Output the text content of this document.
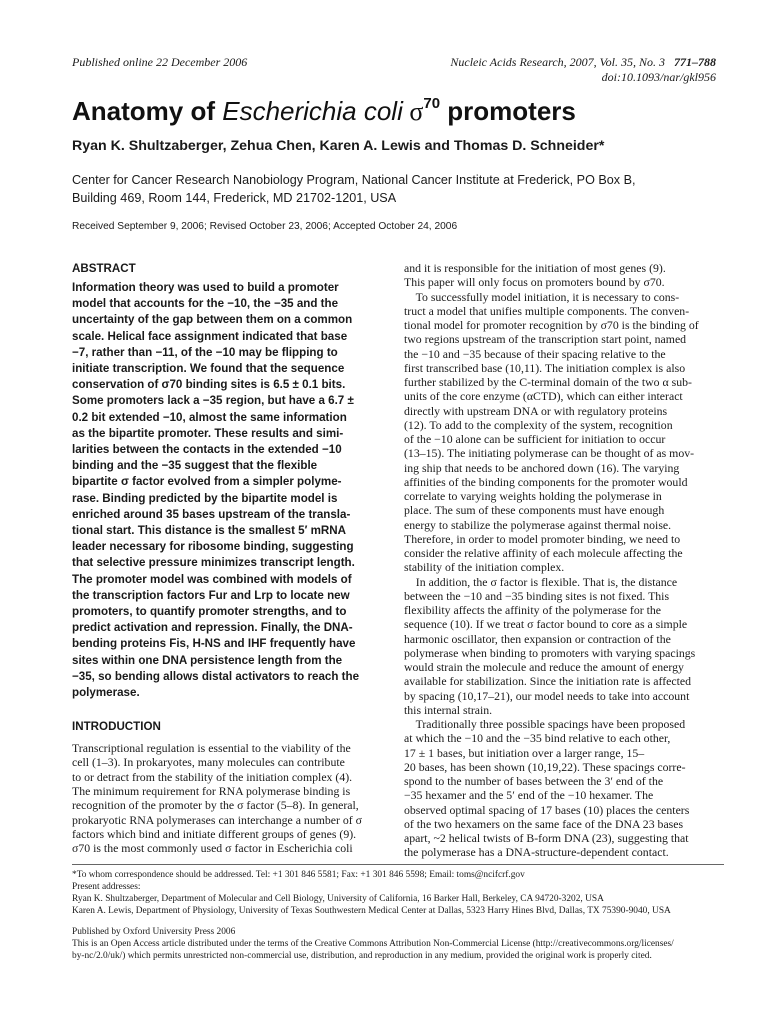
Published online 22 December 2006	Nucleic Acids Research, 2007, Vol. 35, No. 3 771–788
doi:10.1093/nar/gkl956
Anatomy of Escherichia coli $\sigma^{70}$ promoters
Ryan K. Shultzaberger, Zehua Chen, Karen A. Lewis and Thomas D. Schneider*
Center for Cancer Research Nanobiology Program, National Cancer Institute at Frederick, PO Box B,
Building 469, Room 144, Frederick, MD 21702-1201, USA
Received September 9, 2006; Revised October 23, 2006; Accepted October 24, 2006
ABSTRACT
Information theory was used to build a promoter
model that accounts for the −10, the −35 and the
uncertainty of the gap between them on a common
scale. Helical face assignment indicated that base
−7, rather than −11, of the −10 may be flipping to
initiate transcription. We found that the sequence
conservation of σ70 binding sites is 6.5 ± 0.1 bits.
Some promoters lack a −35 region, but have a 6.7 ±
0.2 bit extended −10, almost the same information
as the bipartite promoter. These results and simi-
larities between the contacts in the extended −10
binding and the −35 suggest that the flexible
bipartite σ factor evolved from a simpler polyme-
rase. Binding predicted by the bipartite model is
enriched around 35 bases upstream of the transla-
tional start. This distance is the smallest 5′ mRNA
leader necessary for ribosome binding, suggesting
that selective pressure minimizes transcript length.
The promoter model was combined with models of
the transcription factors Fur and Lrp to locate new
promoters, to quantify promoter strengths, and to
predict activation and repression. Finally, the DNA-
bending proteins Fis, H-NS and IHF frequently have
sites within one DNA persistence length from the
−35, so bending allows distal activators to reach the
polymerase.
INTRODUCTION
Transcriptional regulation is essential to the viability of the
cell (1–3). In prokaryotes, many molecules can contribute
to or detract from the stability of the initiation complex (4).
The minimum requirement for RNA polymerase binding is
recognition of the promoter by the σ factor (5–8). In general,
prokaryotic RNA polymerases can interchange a number of σ
factors which bind and initiate different groups of genes (9).
σ70 is the most commonly used σ factor in Escherichia coli
and it is responsible for the initiation of most genes (9).
This paper will only focus on promoters bound by σ70.
To successfully model initiation, it is necessary to cons-
truct a model that unifies multiple components. The conven-
tional model for promoter recognition by σ70 is the binding of
two regions upstream of the transcription start point, named
the −10 and −35 because of their spacing relative to the
first transcribed base (10,11). The initiation complex is also
further stabilized by the C-terminal domain of the two α sub-
units of the core enzyme (αCTD), which can either interact
directly with upstream DNA or with regulatory proteins
(12). To add to the complexity of the system, recognition
of the −10 alone can be sufficient for initiation to occur
(13–15). The initiating polymerase can be thought of as mov-
ing ship that needs to be anchored down (16). The varying
affinities of the binding components for the promoter would
correlate to varying weights holding the polymerase in
place. The sum of these components must have enough
energy to stabilize the polymerase against thermal noise.
Therefore, in order to model promoter binding, we need to
consider the relative affinity of each molecule affecting the
stability of the initiation complex.
In addition, the σ factor is flexible. That is, the distance
between the −10 and −35 binding sites is not fixed. This
flexibility affects the affinity of the polymerase for the
sequence (10). If we treat σ factor bound to core as a simple
harmonic oscillator, then expansion or contraction of the
polymerase when binding to promoters with varying spacings
would strain the molecule and reduce the amount of energy
available for stabilization. Since the initiation rate is affected
by spacing (10,17–21), our model needs to take into account
this internal strain.
Traditionally three possible spacings have been proposed
at which the −10 and the −35 bind relative to each other,
17 ± 1 bases, but initiation over a larger range, 15–
20 bases, has been shown (10,19,22). These spacings corre-
spond to the number of bases between the 3′ end of the
−35 hexamer and the 5′ end of the −10 hexamer. The
observed optimal spacing of 17 bases (10) places the centers
of the two hexamers on the same face of the DNA 23 bases
apart, ~2 helical twists of B-form DNA (23), suggesting that
the polymerase has a DNA-structure-dependent contact.
*To whom correspondence should be addressed. Tel: +1 301 846 5581; Fax: +1 301 846 5598; Email: toms@ncifcrf.gov
Present addresses:
Ryan K. Shultzaberger, Department of Molecular and Cell Biology, University of California, 16 Barker Hall, Berkeley, CA 94720-3202, USA
Karen A. Lewis, Department of Physiology, University of Texas Southwestern Medical Center at Dallas, 5323 Harry Hines Blvd, Dallas, TX 75390-9040, USA
Published by Oxford University Press 2006
This is an Open Access article distributed under the terms of the Creative Commons Attribution Non-Commercial License (http://creativecommons.org/licenses/
by-nc/2.0/uk/) which permits unrestricted non-commercial use, distribution, and reproduction in any medium, provided the original work is properly cited.
